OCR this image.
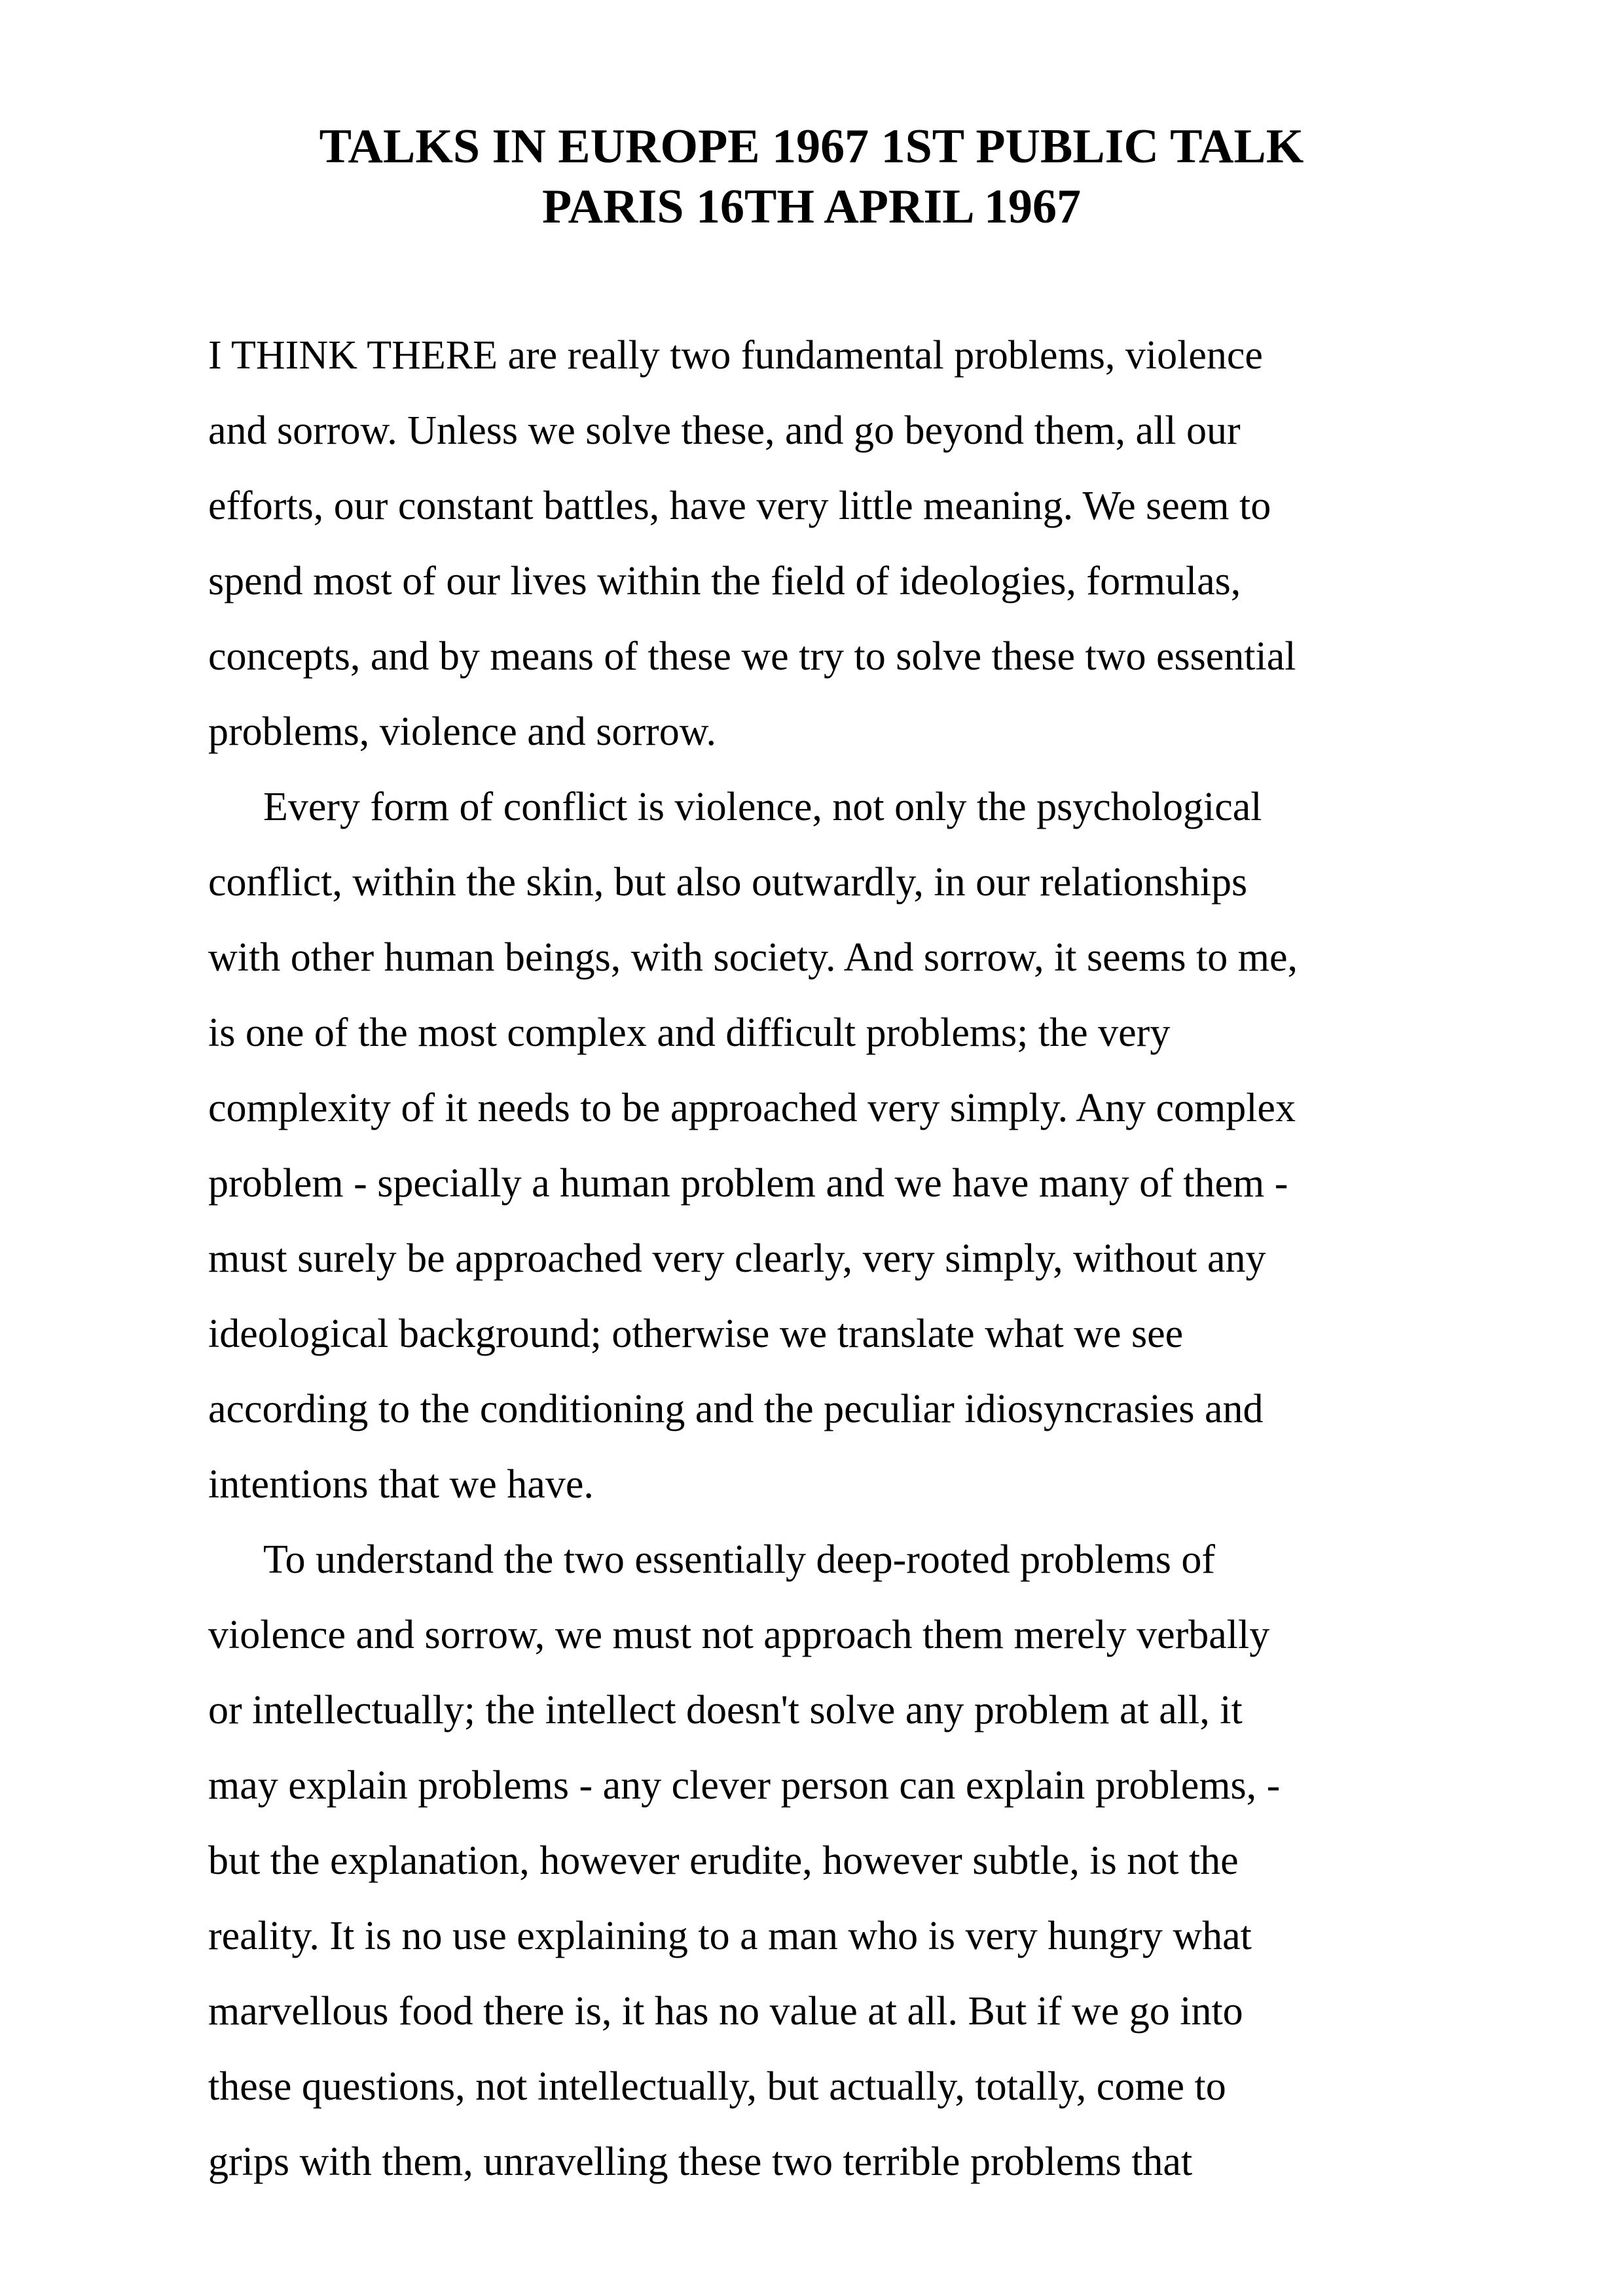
TALKS IN EUROPE 1967 1ST PUBLIC TALK
PARIS 16TH APRIL 1967

I THINK THERE are really two fundamental problems, violence
and sorrow. Unless we solve these, and go beyond them, all our
efforts, our constant battles, have very little meaning. We seem to
spend most of our lives within the field of ideologies, formulas,
concepts, and by means of these we try to solve these two essential
problems, violence and sorrow.

Every form of conflict is violence, not only the psychological
conflict, within the skin, but also outwardly, in our relationships
with other human beings, with society. And sorrow, it seems to me,
is one of the most complex and difficult problems; the very
complexity of it needs to be approached very simply. Any complex
problem - specially a human problem and we have many of them -
must surely be approached very clearly, very simply, without any
ideological background; otherwise we translate what we see
according to the conditioning and the peculiar idiosyncrasies and
intentions that we have.

To understand the two essentially deep-rooted problems of
violence and sorrow, we must not approach them merely verbally
or intellectually; the intellect doesn't solve any problem at all, it
may explain problems - any clever person can explain problems, -
but the explanation, however erudite, however subtle, is not the
reality. It is no use explaining to a man who is very hungry what
marvellous food there is, it has no value at all. But if we go into
these questions, not intellectually, but actually, totally, come to
grips with them, unravelling these two terrible problems that
